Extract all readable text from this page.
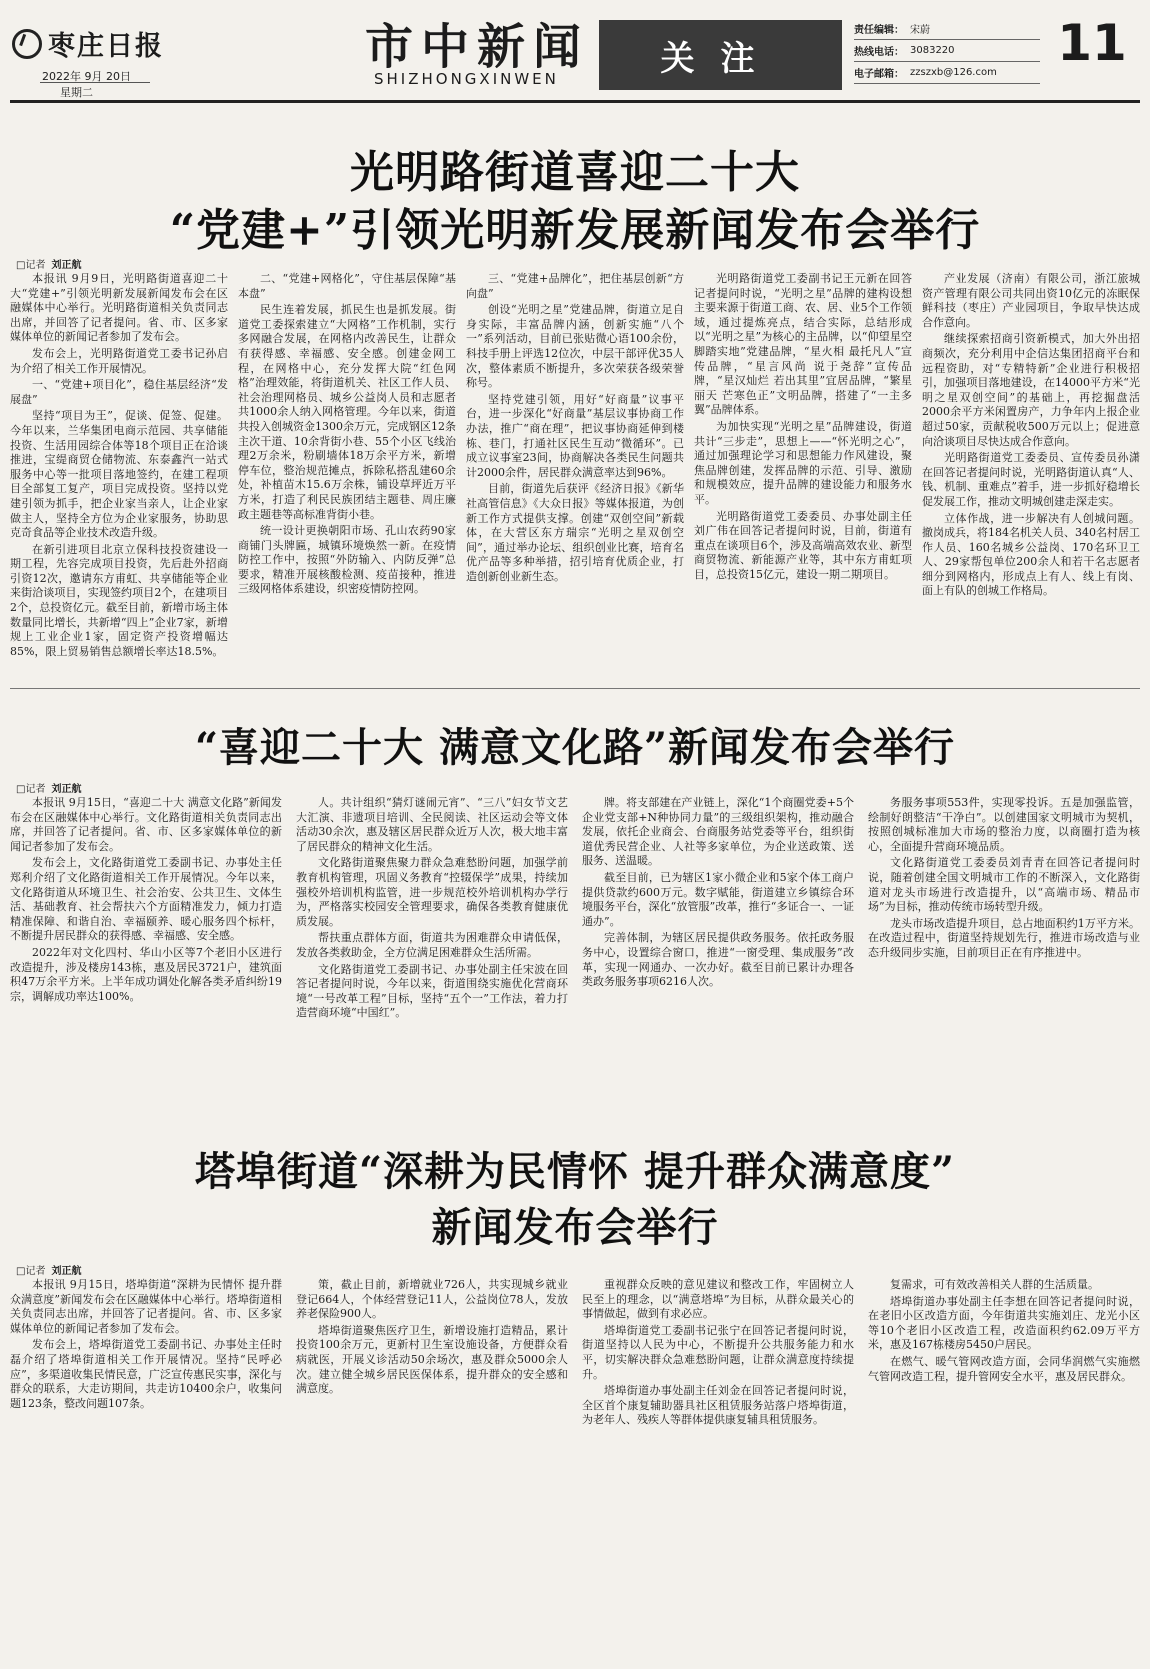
枣庄日报
2022年 9月 20日
星期二
市中新闻
SHIZHONGXINWEN
关注
责任编辑： 宋蔚
热线电话： 3083220
电子邮箱： zzszxb@126.com
11
光明路街道喜迎二十大
“党建+”引领光明新发展新闻发布会举行
□记者 刘正航

本报讯 9月9日，光明路街道喜迎二十大“党建+”引领光明新发展新闻发布会在区融媒体中心举行。光明路街道相关负责同志出席，并回答了记者提问。省、市、区多家媒体单位的新闻记者参加了发布会。

发布会上，光明路街道党工委书记孙启为介绍了相关工作开展情况。

一、“党建+项目化”，稳住基层经济“发展盘”

坚持“项目为王”，促谈、促签、促建。今年以来，兰华集团电商示范园、共享储能投资、生活用园综合体等18个项目正在洽谈推进，宝缇商贸仓储物流、东泰鑫汽一站式服务中心等一批项目落地签约，在建工程项目全部复工复产，项目完成投资。坚持以党建引领为抓手，把企业家当亲人，让企业家做主人，坚持全方位为企业家服务，协助思克奇食品等企业技术改造升级。

在新引进项目北京立保科技投资建设一期工程，先容完成项目投资，先后赴外招商引资12次，邀请东方甫虹、共享储能等企业来街洽谈项目，实现签约项目2个，在建项目2个，总投资亿元。截至目前，新增市场主体数量同比增长，共新增“四上”企业7家，新增规上工业企业1家，固定资产投资增幅达85%，限上贸易销售总额增长率达18.5%。

二、“党建+网格化”，守住基层保障“基本盘”

民生连着发展，抓民生也是抓发展。街道党工委探索建立“大网格”工作机制，实行多网融合发展，在网格内改善民生，让群众有获得感、幸福感、安全感。创建金网工程，在网格中心，充分发挥大院“红色网格”治理效能，将街道机关、社区工作人员、社会治理网格员、城乡公益岗人员和志愿者共1000余人纳入网格管理。今年以来，街道共投入创城资金1300余万元，完成钢区12条主次干道、10余背街小巷、55个小区飞线治理2万余米，粉刷墙体18万余平方米，新增停车位，整治规范摊点，拆除私搭乱建60余处，补植苗木15.6万余株，铺设草坪近万平方米，打造了利民民族团结主题巷、周庄廉政主题巷等高标准背街小巷。

统一设计更换朝阳市场、孔山农药90家商铺门头牌匾，城镇环境焕然一新。在疫情防控工作中，按照“外防输入、内防反弹”总要求，精准开展核酸检测、疫苗接种，推进三级网格体系建设，织密疫情防控网。

三、“党建+品牌化”，把住基层创新“方向盘”

创设“光明之星”党建品牌，街道立足自身实际，丰富品牌内涵，创新实施“八个一”系列活动，目前已张贴微心语100余份，科技手册上评选12位次，中层干部评优35人次，整体素质不断提升，多次荣获各级荣誉称号。

坚持党建引领，用好“好商量”议事平台，进一步深化“好商量”基层议事协商工作办法，推广“商在理”，把议事协商延伸到楼栋、巷门，打通社区民生互动“微循环”。已成立议事室23间，协商解决各类民生问题共计2000余件，居民群众满意率达到96%。

目前，街道先后获评《经济日报》《新华社高管信息》《大众日报》等媒体报道，为创新工作方式提供支撑。创建“双创空间”新载体，在大营区东方瑞宗“光明之星双创空间”，通过举办论坛、组织创业比赛，培育名优产品等多种举措，招引培育优质企业，打造创新创业新生态。

光明路街道党工委副书记王元新在回答记者提问时说，“光明之星”品牌的建构设想主要来源于街道工商、农、居、业5个工作领域，通过提炼亮点，结合实际，总结形成以“光明之星”为核心的主品牌，以“仰望星空 脚踏实地”党建品牌，“星火相 最托凡人”宣传品牌，“星言风尚 说于尧辞”宣传品牌，“星汉灿烂 若出其里”宜居品牌，“繁星丽天 芒寒色正”文明品牌，搭建了“一主多翼”品牌体系。

为加快实现“光明之星”品牌建设，街道共计“三步走”，思想上——“怀光明之心”，通过加强理论学习和思想能力作风建设，聚焦品牌创建，发挥品牌的示范、引导、激励和规模效应，提升品牌的建设能力和服务水平。

光明路街道党工委委员、办事处副主任刘广伟在回答记者提问时说，目前，街道有重点在谈项目6个，涉及高端高效农业、新型商贸物流、新能源产业等，其中东方甫虹项目，总投资15亿元，建设一期二期项目。

产业发展（济南）有限公司，浙江旅城资产管理有限公司共同出资10亿元的冻眠保鲜科技（枣庄）产业园项目，争取早快达成合作意向。

继续探索招商引资新模式，加大外出招商频次，充分利用中企信达集团招商平台和远程资助，对“专精特新”企业进行积极招引，加强项目落地建设，在14000平方米“光明之星双创空间”的基础上，再挖掘盘活2000余平方米闲置房产，力争年内上报企业超过50家，贡献税收500万元以上；促进意向洽谈项目尽快达成合作意向。

光明路街道党工委委员、宣传委员孙潇在回答记者提问时说，光明路街道认真“人、钱、机制、重难点”着手，进一步抓好稳增长促发展工作，推动文明城创建走深走实。

立体作战，进一步解决有人创城问题。撤岗成兵，将184名机关人员、340名村居工作人员、160名城乡公益岗、170名环卫工人、29家帮包单位200余人和若干名志愿者细分到网格内，形成点上有人、线上有岗、面上有队的创城工作格局。

“喜迎二十大 满意文化路”新闻发布会举行
□记者 刘正航

本报讯 9月15日，“喜迎二十大 满意文化路”新闻发布会在区融媒体中心举行。文化路街道相关负责同志出席，并回答了记者提问。省、市、区多家媒体单位的新闻记者参加了发布会。

发布会上，文化路街道党工委副书记、办事处主任郑利介绍了文化路街道相关工作开展情况。今年以来，文化路街道从环境卫生、社会治安、公共卫生、文体生活、基础教育、社会帮扶六个方面精准发力，倾力打造精准保障、和谐自治、幸福颐养、暖心服务四个标杆，不断提升居民群众的获得感、幸福感、安全感。

2022年对文化四村、华山小区等7个老旧小区进行改造提升，涉及楼房143栋，惠及居民3721户，建筑面积47万余平方米。上半年成功调处化解各类矛盾纠纷19宗，调解成功率达100%。

人。共计组织“猜灯谜闹元宵”、“三八”妇女节文艺大汇演、非遗项目培训、全民阅读、社区运动会等文体活动30余次，惠及辖区居民群众近万人次，极大地丰富了居民群众的精神文化生活。

文化路街道聚焦聚力群众急难愁盼问题，加强学前教育机构管理，巩固义务教育“控辍保学”成果，持续加强校外培训机构监管，进一步规范校外培训机构办学行为，严格落实校园安全管理要求，确保各类教育健康优质发展。

帮扶重点群体方面，街道共为困难群众申请低保，发放各类救助金，全方位满足困难群众生活所需。

文化路街道党工委副书记、办事处副主任宋波在回答记者提问时说，今年以来，街道围绕实施优化营商环境“一号改革工程”目标，坚持“五个一”工作法，着力打造营商环境“中国红”。

牌。将支部建在产业链上，深化“1个商圈党委+5个企业党支部+N种协同力量”的三级组织架构，推动融合发展，依托企业商会、台商服务站党委等平台，组织街道优秀民营企业、人社等多家单位，为企业送政策、送服务、送温暖。

截至目前，已为辖区1家小微企业和5家个体工商户提供贷款约600万元。数字赋能，街道建立乡镇综合环境服务平台，深化“放管服”改革，推行“多证合一、一证通办”。

完善体制，为辖区居民提供政务服务。依托政务服务中心，设置综合窗口，推进“一窗受理、集成服务”改革，实现一网通办、一次办好。截至目前已累计办理各类政务服务事项6216人次。

务服务事项553件，实现零投诉。五是加强监管，绘制好朗整洁“干净白”。以创建国家文明城市为契机，按照创城标准加大市场的整治力度，以商圈打造为核心，全面提升营商环境品质。

文化路街道党工委委员刘青青在回答记者提问时说，随着创建全国文明城市工作的不断深入，文化路街道对龙头市场进行改造提升，以“高端市场、精品市场”为目标，推动传统市场转型升级。

龙头市场改造提升项目，总占地面积约1万平方米。在改造过程中，街道坚持规划先行，推进市场改造与业态升级同步实施，目前项目正在有序推进中。

塔埠街道“深耕为民情怀 提升群众满意度”
新闻发布会举行
□记者 刘正航

本报讯 9月15日，塔埠街道“深耕为民情怀 提升群众满意度”新闻发布会在区融媒体中心举行。塔埠街道相关负责同志出席，并回答了记者提问。省、市、区多家媒体单位的新闻记者参加了发布会。

发布会上，塔埠街道党工委副书记、办事处主任时磊介绍了塔埠街道相关工作开展情况。坚持“民呼必应”，多渠道收集民情民意，广泛宣传惠民实事，深化与群众的联系，大走访期间，共走访10400余户，收集问题123条，整改问题107条。

策，截止目前，新增就业726人，共实现城乡就业登记664人，个体经营登记11人，公益岗位78人，发放养老保险900人。

塔埠街道聚焦医疗卫生，新增设施打造精品，累计投资100余万元，更新村卫生室设施设备，方便群众看病就医，开展义诊活动50余场次，惠及群众5000余人次。建立健全城乡居民医保体系，提升群众的安全感和满意度。

重视群众反映的意见建议和整改工作，牢固树立人民至上的理念，以“满意塔埠”为目标，从群众最关心的事情做起，做到有求必应。

塔埠街道党工委副书记张宁在回答记者提问时说，街道坚持以人民为中心，不断提升公共服务能力和水平，切实解决群众急难愁盼问题，让群众满意度持续提升。

塔埠街道办事处副主任刘金在回答记者提问时说，全区首个康复辅助器具社区租赁服务站落户塔埠街道，为老年人、残疾人等群体提供康复辅具租赁服务。

复需求，可有效改善相关人群的生活质量。

塔埠街道办事处副主任李想在回答记者提问时说，在老旧小区改造方面，今年街道共实施刘庄、龙光小区等10个老旧小区改造工程，改造面积约62.09万平方米，惠及167栋楼房5450户居民。

在燃气、暖气管网改造方面，会同华润燃气实施燃气管网改造工程，提升管网安全水平，惠及居民群众。
